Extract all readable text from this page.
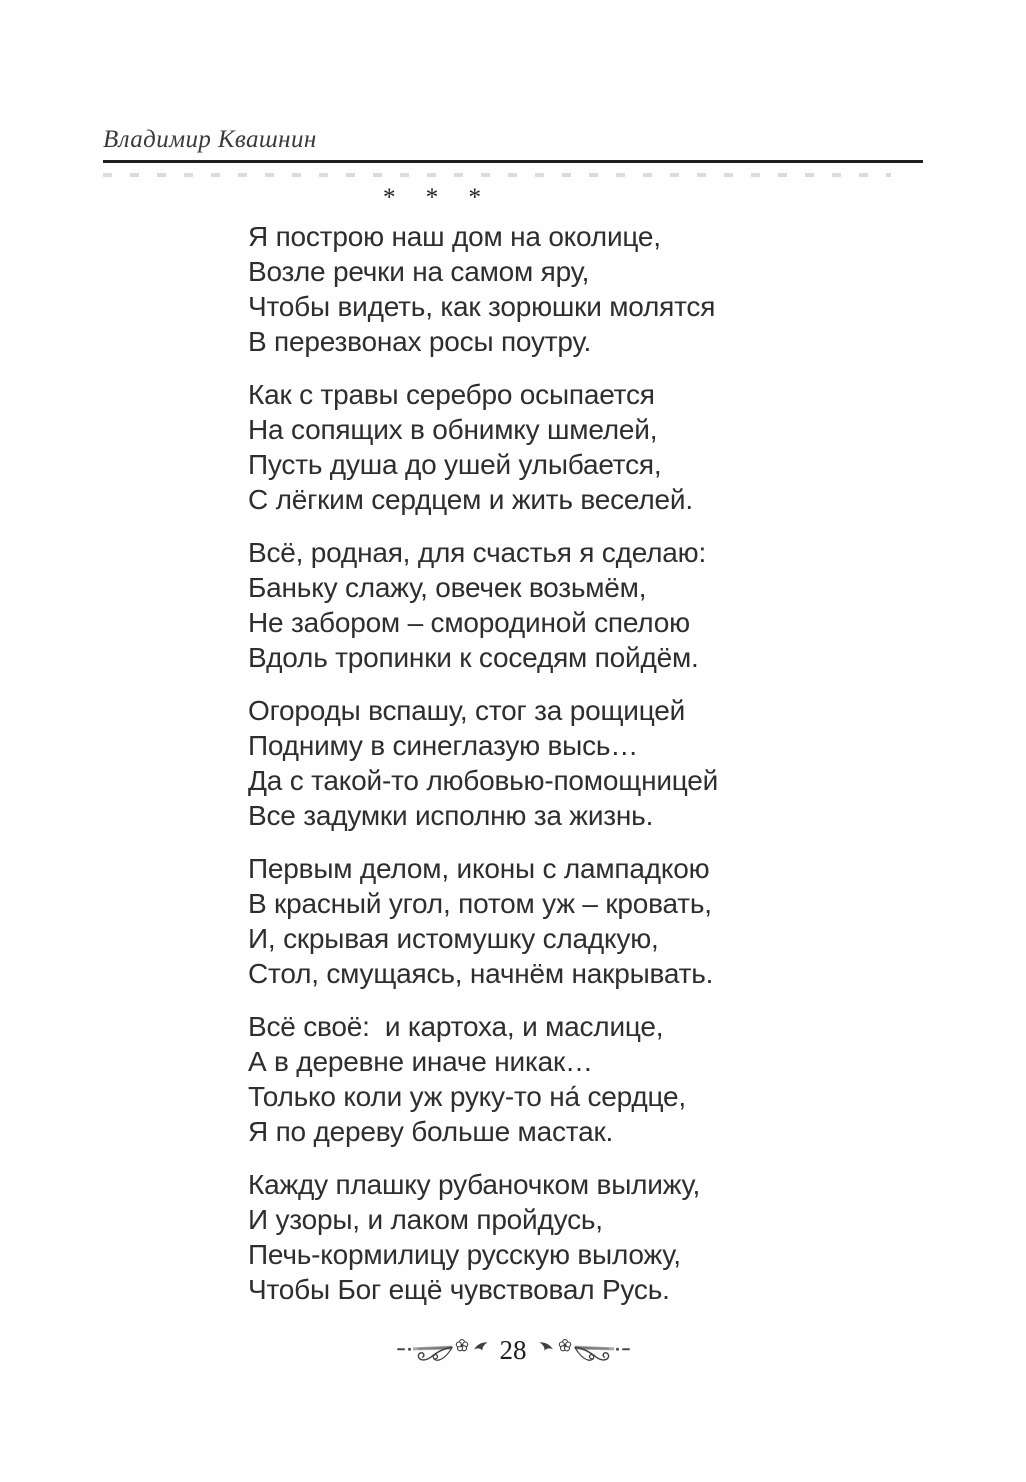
Владимир Квашнин
* * *
Я построю наш дом на околице,
Возле речки на самом яру,
Чтобы видеть, как зорюшки молятся
В перезвонах росы поутру.
Как с травы серебро осыпается
На сопящих в обнимку шмелей,
Пусть душа до ушей улыбается,
С лёгким сердцем и жить веселей.
Всё, родная, для счастья я сделаю:
Баньку слажу, овечек возьмём,
Не забором – смородиной спелою
Вдоль тропинки к соседям пойдём.
Огороды вспашу, стог за рощицей
Подниму в синеглазую высь…
Да с такой-то любовью-помощницей
Все задумки исполню за жизнь.
Первым делом, иконы с лампадкою
В красный угол, потом уж – кровать,
И, скрывая истомушку сладкую,
Стол, смущаясь, начнём накрывать.
Всё своё:  и картоха, и маслице,
А в деревне иначе никак…
Только коли уж руку-то на́ сердце,
Я по дереву больше мастак.
Кажду плашку рубаночком вылижу,
И узоры, и лаком пройдусь,
Печь-кормилицу русскую выложу,
Чтобы Бог ещё чувствовал Русь.
28
